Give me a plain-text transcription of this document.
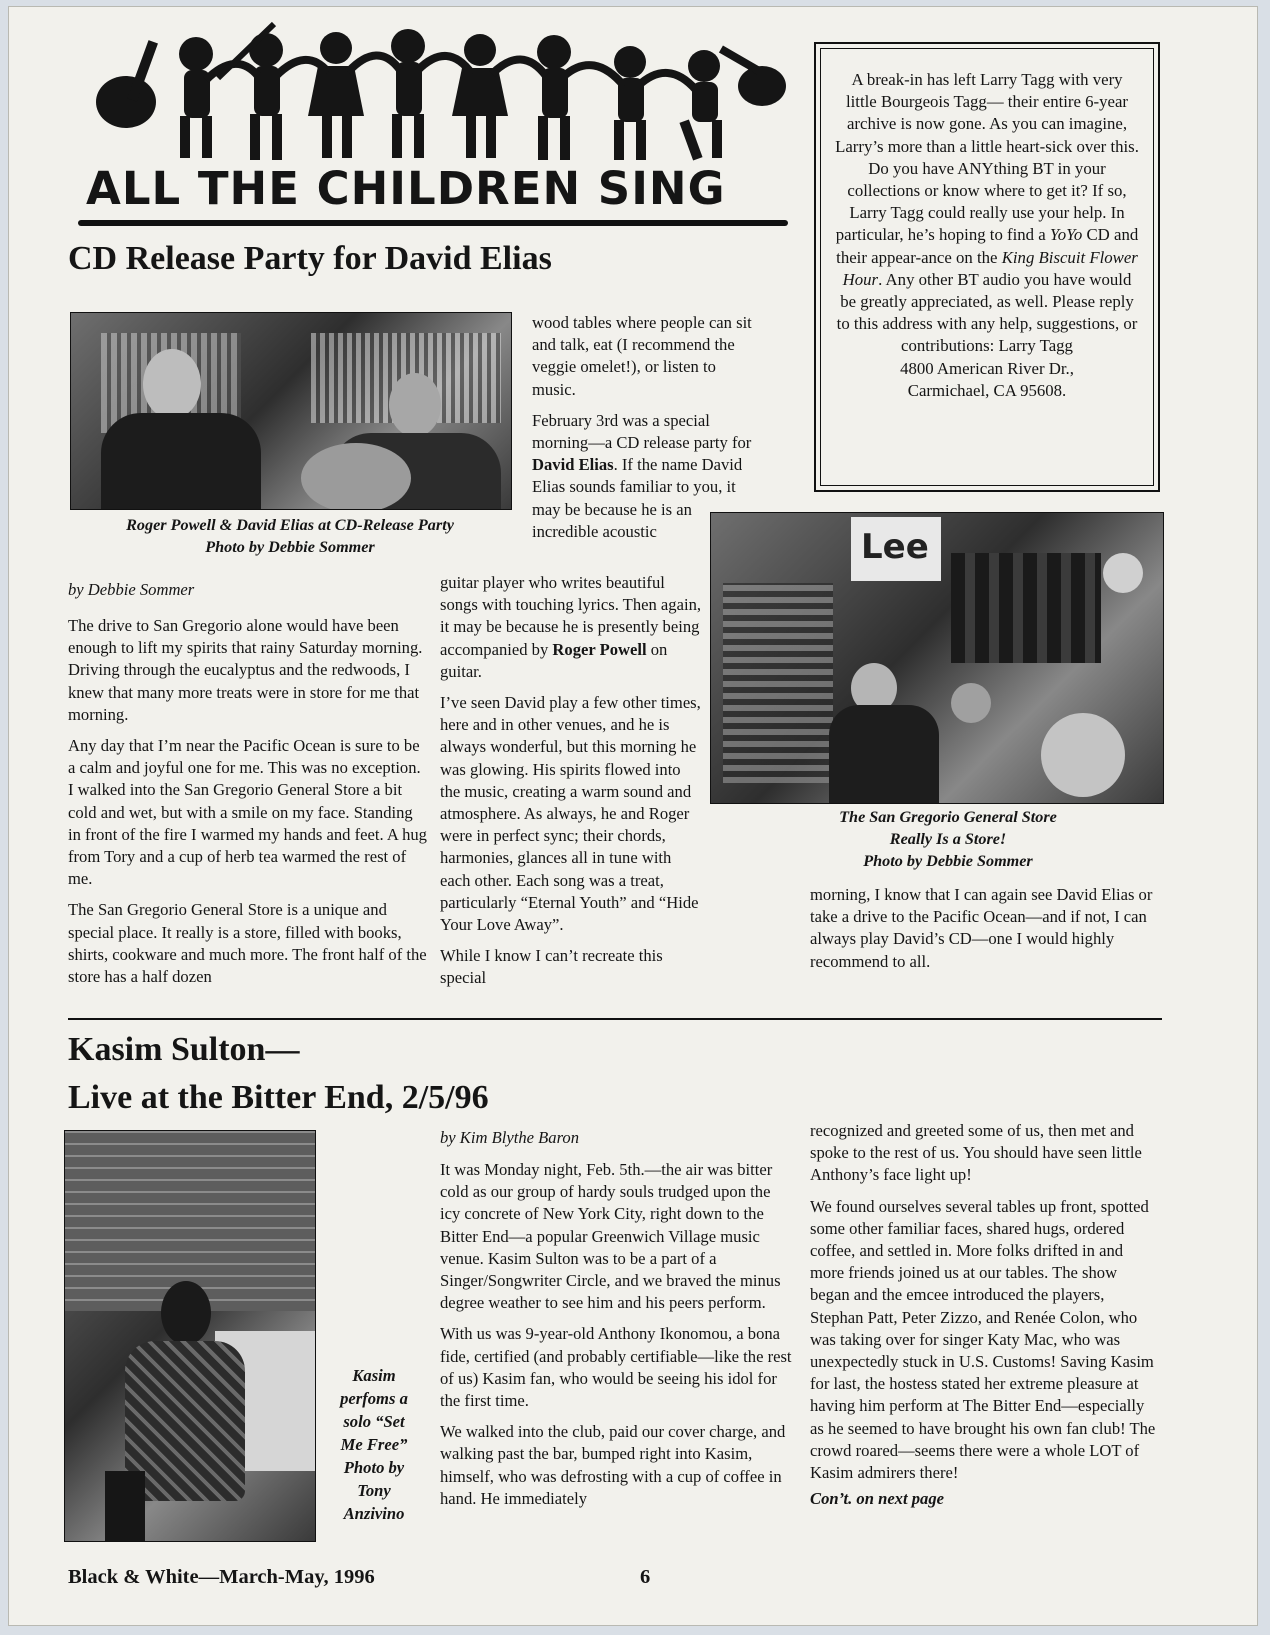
ALL THE CHILDREN SING
A break-in has left Larry Tagg with very little Bourgeois Tagg— their entire 6-year archive is now gone. As you can imagine, Larry’s more than a little heart-sick over this. Do you have ANYthing BT in your collections or know where to get it? If so, Larry Tagg could really use your help. In particular, he’s hoping to find a YoYo CD and their appear-ance on the King Biscuit Flower Hour. Any other BT audio you have would be greatly appreciated, as well. Please reply to this address with any help, suggestions, or contributions: Larry Tagg
4800 American River Dr.,
Carmichael, CA 95608.
CD Release Party for David Elias
Roger Powell & David Elias at CD-Release Party
Photo by Debbie Sommer
by Debbie Sommer

The drive to San Gregorio alone would have been enough to lift my spirits that rainy Saturday morning. Driving through the eucalyptus and the redwoods, I knew that many more treats were in store for me that morning.

Any day that I’m near the Pacific Ocean is sure to be a calm and joyful one for me. This was no exception. I walked into the San Gregorio General Store a bit cold and wet, but with a smile on my face. Standing in front of the fire I warmed my hands and feet. A hug from Tory and a cup of herb tea warmed the rest of me.

The San Gregorio General Store is a unique and special place. It really is a store, filled with books, shirts, cookware and much more. The front half of the store has a half dozen

wood tables where people can sit and talk, eat (I recommend the veggie omelet!), or listen to music.

February 3rd was a special morning—a CD release party for David Elias. If the name David Elias sounds familiar to you, it may be because he is an incredible acoustic

guitar player who writes beautiful songs with touching lyrics. Then again, it may be because he is presently being accompanied by Roger Powell on guitar.

I’ve seen David play a few other times, here and in other venues, and he is always wonderful, but this morning he was glowing. His spirits flowed into the music, creating a warm sound and atmosphere. As always, he and Roger were in perfect sync; their chords, harmonies, glances all in tune with each other. Each song was a treat, particularly “Eternal Youth” and “Hide Your Love Away”.

While I know I can’t recreate this special

Lee
The San Gregorio General Store
Really Is a Store!
Photo by Debbie Sommer

morning, I know that I can again see David Elias or take a drive to the Pacific Ocean—and if not, I can always play David’s CD—one I would highly recommend to all.

Kasim Sulton—
Live at the Bitter End, 2/5/96
Kasim perfoms a solo “Set Me Free” Photo by Tony Anzivino
by Kim Blythe Baron

It was Monday night, Feb. 5th.—the air was bitter cold as our group of hardy souls trudged upon the icy concrete of New York City, right down to the Bitter End—a popular Greenwich Village music venue. Kasim Sulton was to be a part of a Singer/Songwriter Circle, and we braved the minus degree weather to see him and his peers perform.

With us was 9-year-old Anthony Ikonomou, a bona fide, certified (and probably certifiable—like the rest of us) Kasim fan, who would be seeing his idol for the first time.

We walked into the club, paid our cover charge, and walking past the bar, bumped right into Kasim, himself, who was defrosting with a cup of coffee in hand. He immediately

recognized and greeted some of us, then met and spoke to the rest of us. You should have seen little Anthony’s face light up!

We found ourselves several tables up front, spotted some other familiar faces, shared hugs, ordered coffee, and settled in. More folks drifted in and more friends joined us at our tables. The show began and the emcee introduced the players, Stephan Patt, Peter Zizzo, and Renée Colon, who was taking over for singer Katy Mac, who was unexpectedly stuck in U.S. Customs! Saving Kasim for last, the hostess stated her extreme pleasure at having him perform at The Bitter End—especially as he seemed to have brought his own fan club! The crowd roared—seems there were a whole LOT of Kasim admirers there!

Con’t. on next page

Black & White—March-May, 1996	6
